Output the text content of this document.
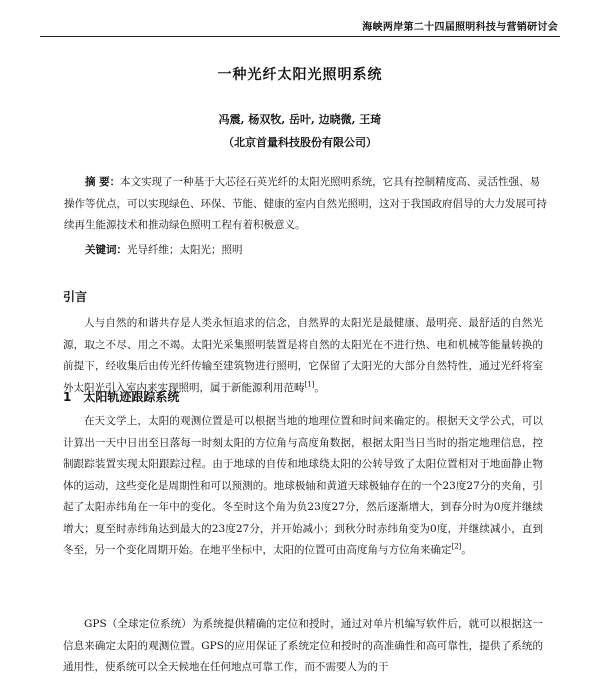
海峡两岸第二十四届照明科技与营销研讨会
一种光纤太阳光照明系统
冯震, 杨双牧, 岳叶, 边晓微, 王琦
（北京首量科技股份有限公司）

摘 要：本文实现了一种基于大芯径石英光纤的太阳光照明系统，它具有控制精度高、灵活性强、易操作等优点，可以实现绿色、环保、节能、健康的室内自然光照明，这对于我国政府倡导的大力发展可持续再生能源技术和推动绿色照明工程有着积极意义。

关键词：光导纤维；太阳光；照明
引言

人与自然的和谐共存是人类永恒追求的信念，自然界的太阳光是最健康、最明亮、最舒适的自然光源，取之不尽、用之不竭。太阳光采集照明装置是将自然的太阳光在不进行热、电和机械等能量转换的前提下，经收集后由传光纤传输至建筑物进行照明，它保留了太阳光的大部分自然特性，通过光纤将室外太阳光引入室内来实现照明，属于新能源利用范畴[1]。

1 太阳轨迹跟踪系统

在天文学上，太阳的观测位置是可以根据当地的地理位置和时间来确定的。根据天文学公式，可以计算出一天中日出至日落每一时刻太阳的方位角与高度角数据，根据太阳当日当时的指定地理信息，控制跟踪装置实现太阳跟踪过程。由于地球的自传和地球绕太阳的公转导致了太阳位置相对于地面静止物体的运动，这些变化是周期性和可以预测的。地球极轴和黄道天球极轴存在的一个23度27分的夹角，引起了太阳赤纬角在一年中的变化。冬至时这个角为负23度27分，然后逐渐增大，到春分时为0度并继续增大；夏至时赤纬角达到最大的23度27分，并开始减小；到秋分时赤纬角变为0度，并继续减小，直到冬至，另一个变化周期开始。在地平坐标中，太阳的位置可由高度角与方位角来确定[2]。

GPS（全球定位系统）为系统提供精确的定位和授时，通过对单片机编写软件后，就可以根据这一信息来确定太阳的观测位置。GPS的应用保证了系统定位和授时的高准确性和高可靠性，提供了系统的通用性，使系统可以全天候地在任何地点可靠工作，而不需要人为的干
